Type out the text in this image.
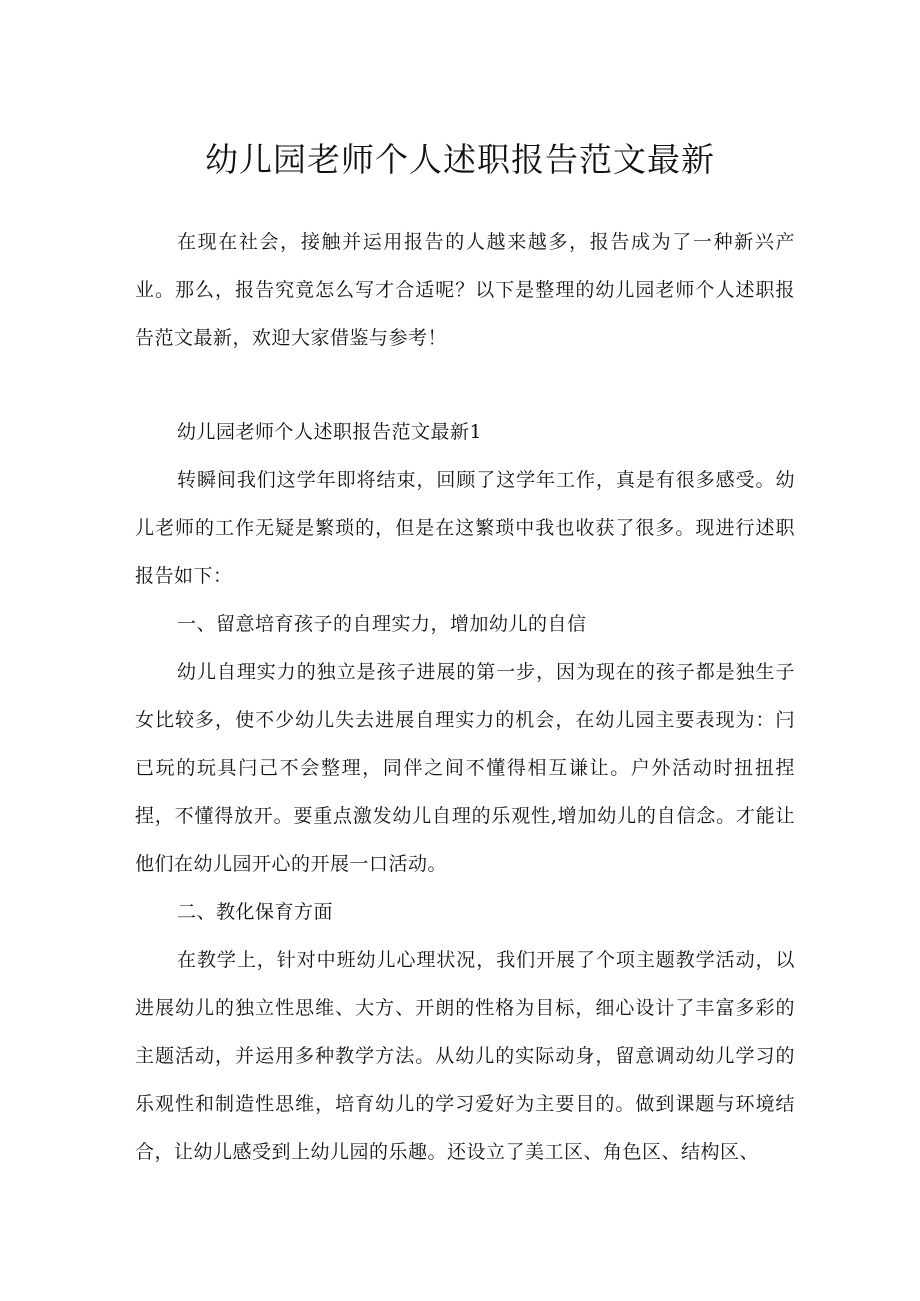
幼儿园老师个人述职报告范文最新

在现在社会，接触并运用报告的人越来越多，报告成为了一种新兴产业。那么，报告究竟怎么写才合适呢？以下是整理的幼儿园老师个人述职报告范文最新，欢迎大家借鉴与参考！

幼儿园老师个人述职报告范文最新1

转瞬间我们这学年即将结束，回顾了这学年工作，真是有很多感受。幼儿老师的工作无疑是繁琐的，但是在这繁琐中我也收获了很多。现进行述职报告如下：

一、留意培育孩子的自理实力，增加幼儿的自信

幼儿自理实力的独立是孩子进展的第一步，因为现在的孩子都是独生子女比较多，使不少幼儿失去进展自理实力的机会，在幼儿园主要表现为：闩已玩的玩具闩己不会整理，同伴之间不懂得相互谦让。户外活动时扭扭捏捏，不懂得放开。要重点激发幼儿自理的乐观性,增加幼儿的自信念。才能让他们在幼儿园开心的开展一口活动。

二、教化保育方面

在教学上，针对中班幼儿心理状况，我们开展了个项主题教学活动，以进展幼儿的独立性思维、大方、开朗的性格为目标，细心设计了丰富多彩的主题活动，并运用多种教学方法。从幼儿的实际动身，留意调动幼儿学习的乐观性和制造性思维，培育幼儿的学习爱好为主要目的。做到课题与环境结合，让幼儿感受到上幼儿园的乐趣。还设立了美工区、角色区、结构区、
